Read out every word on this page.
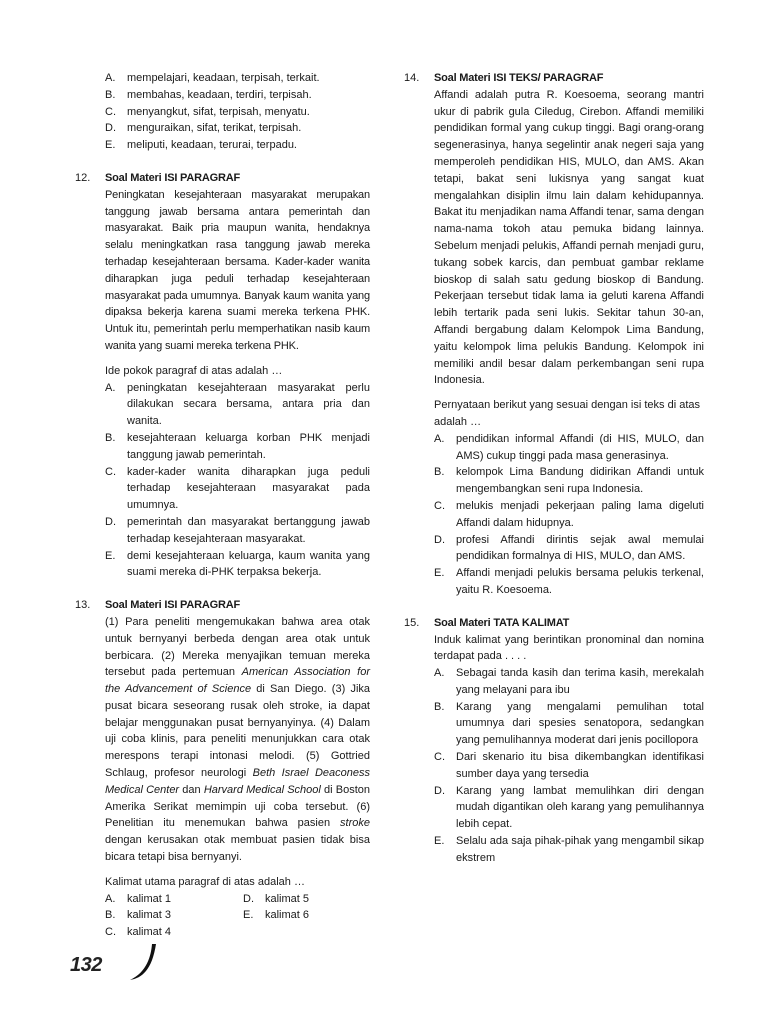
A. mempelajari, keadaan, terpisah, terkait.
B. membahas, keadaan, terdiri, terpisah.
C. menyangkut, sifat, terpisah, menyatu.
D. menguraikan, sifat, terikat, terpisah.
E. meliputi, keadaan, terurai, terpadu.
12. Soal Materi ISI PARAGRAF

Peningkatan kesejahteraan masyarakat merupakan tanggung jawab bersama antara pemerintah dan masyarakat. Baik pria maupun wanita, hendaknya selalu meningkatkan rasa tanggung jawab mereka terhadap kesejahteraan bersama. Kader-kader wanita diharapkan juga peduli terhadap kesejahteraan masyarakat pada umumnya. Banyak kaum wanita yang dipaksa bekerja karena suami mereka terkena PHK. Untuk itu, pemerintah perlu memperhatikan nasib kaum wanita yang suami mereka terkena PHK.

Ide pokok paragraf di atas adalah …
A. peningkatan kesejahteraan masyarakat perlu dilakukan secara bersama, antara pria dan wanita.
B. kesejahteraan keluarga korban PHK menjadi tanggung jawab pemerintah.
C. kader-kader wanita diharapkan juga peduli terhadap kesejahteraan masyarakat pada umumnya.
D. pemerintah dan masyarakat bertanggung jawab terhadap kesejahteraan masyarakat.
E. demi kesejahteraan keluarga, kaum wanita yang suami mereka di-PHK terpaksa bekerja.
13. Soal Materi ISI PARAGRAF

(1) Para peneliti mengemukakan bahwa area otak untuk bernyanyi berbeda dengan area otak untuk berbicara. (2) Mereka menyajikan temuan mereka tersebut pada pertemuan American Association for the Advancement of Science di San Diego. (3) Jika pusat bicara seseorang rusak oleh stroke, ia dapat belajar menggunakan pusat bernyanyinya. (4) Dalam uji coba klinis, para peneliti menunjukkan cara otak merespons terapi intonasi melodi. (5) Gottried Schlaug, profesor neurologi Beth Israel Deaconess Medical Center dan Harvard Medical School di Boston Amerika Serikat memimpin uji coba tersebut. (6) Penelitian itu menemukan bahwa pasien stroke dengan kerusakan otak membuat pasien tidak bisa bicara tetapi bisa bernyanyi.

Kalimat utama paragraf di atas adalah …
A. kalimat 1	D. kalimat 5
B. kalimat 3	E. kalimat 6
C. kalimat 4
14. Soal Materi ISI TEKS/ PARAGRAF

Affandi adalah putra R. Koesoema, seorang mantri ukur di pabrik gula Ciledug, Cirebon. Affandi memiliki pendidikan formal yang cukup tinggi. Bagi orang-orang segenerasinya, hanya segelintir anak negeri saja yang memperoleh pendidikan HIS, MULO, dan AMS. Akan tetapi, bakat seni lukisnya yang sangat kuat mengalahkan disiplin ilmu lain dalam kehidupannya. Bakat itu menjadikan nama Affandi tenar, sama dengan nama-nama tokoh atau pemuka bidang lainnya. Sebelum menjadi pelukis, Affandi pernah menjadi guru, tukang sobek karcis, dan pembuat gambar reklame bioskop di salah satu gedung bioskop di Bandung. Pekerjaan tersebut tidak lama ia geluti karena Affandi lebih tertarik pada seni lukis. Sekitar tahun 30-an, Affandi bergabung dalam Kelompok Lima Bandung, yaitu kelompok lima pelukis Bandung. Kelompok ini memiliki andil besar dalam perkembangan seni rupa Indonesia.

Pernyataan berikut yang sesuai dengan isi teks di atas adalah …
A. pendidikan informal Affandi (di HIS, MULO, dan AMS) cukup tinggi pada masa generasinya.
B. kelompok Lima Bandung didirikan Affandi untuk mengembangkan seni rupa Indonesia.
C. melukis menjadi pekerjaan paling lama digeluti Affandi dalam hidupnya.
D. profesi Affandi dirintis sejak awal memulai pendidikan formalnya di HIS, MULO, dan AMS.
E. Affandi menjadi pelukis bersama pelukis terkenal, yaitu R. Koesoema.
15. Soal Materi TATA KALIMAT
Induk kalimat yang berintikan pronominal dan nomina terdapat pada . . . .
A. Sebagai tanda kasih dan terima kasih, merekalah yang melayani para ibu
B. Karang yang mengalami pemulihan total umumnya dari spesies senatopora, sedangkan yang pemulihannya moderat dari jenis pocillopora
C. Dari skenario itu bisa dikembangkan identifikasi sumber daya yang tersedia
D. Karang yang lambat memulihkan diri dengan mudah digantikan oleh karang yang pemulihannya lebih cepat.
E. Selalu ada saja pihak-pihak yang mengambil sikap ekstrem
132
